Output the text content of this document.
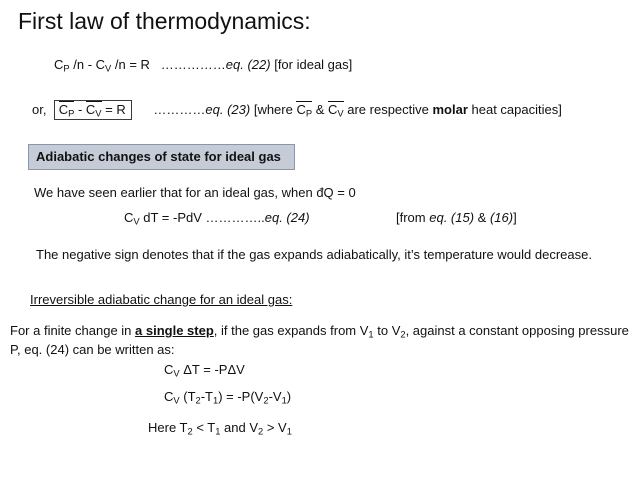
First law of thermodynamics:
$C_P$ $/n - C_V$ /n = R ……………eq. (22) [for ideal gas]
or, $C_P - C_V = R$ …………eq. (23) [where $C_P$ & $C_V$ are respective molar heat capacities]
Adiabatic changes of state for ideal gas
We have seen earlier that for an ideal gas, when đQ = 0
$C_V$ dT = -PdV …………..eq. (24)	[from eq. (15) & (16)]
The negative sign denotes that if the gas expands adiabatically, it’s temperature would decrease.
Irreversible adiabatic change for an ideal gas:
For a finite change in a single step, if the gas expands from $V_1$ to $V_2$, against a constant opposing pressure P, eq. (24) can be written as:
$C_V$ ΔT = -PΔV
$C_V$ $(T_2-T_1) = -P(V_2-V_1)$
Here $T_2 < T_1$ and $V_2 > V_1$
